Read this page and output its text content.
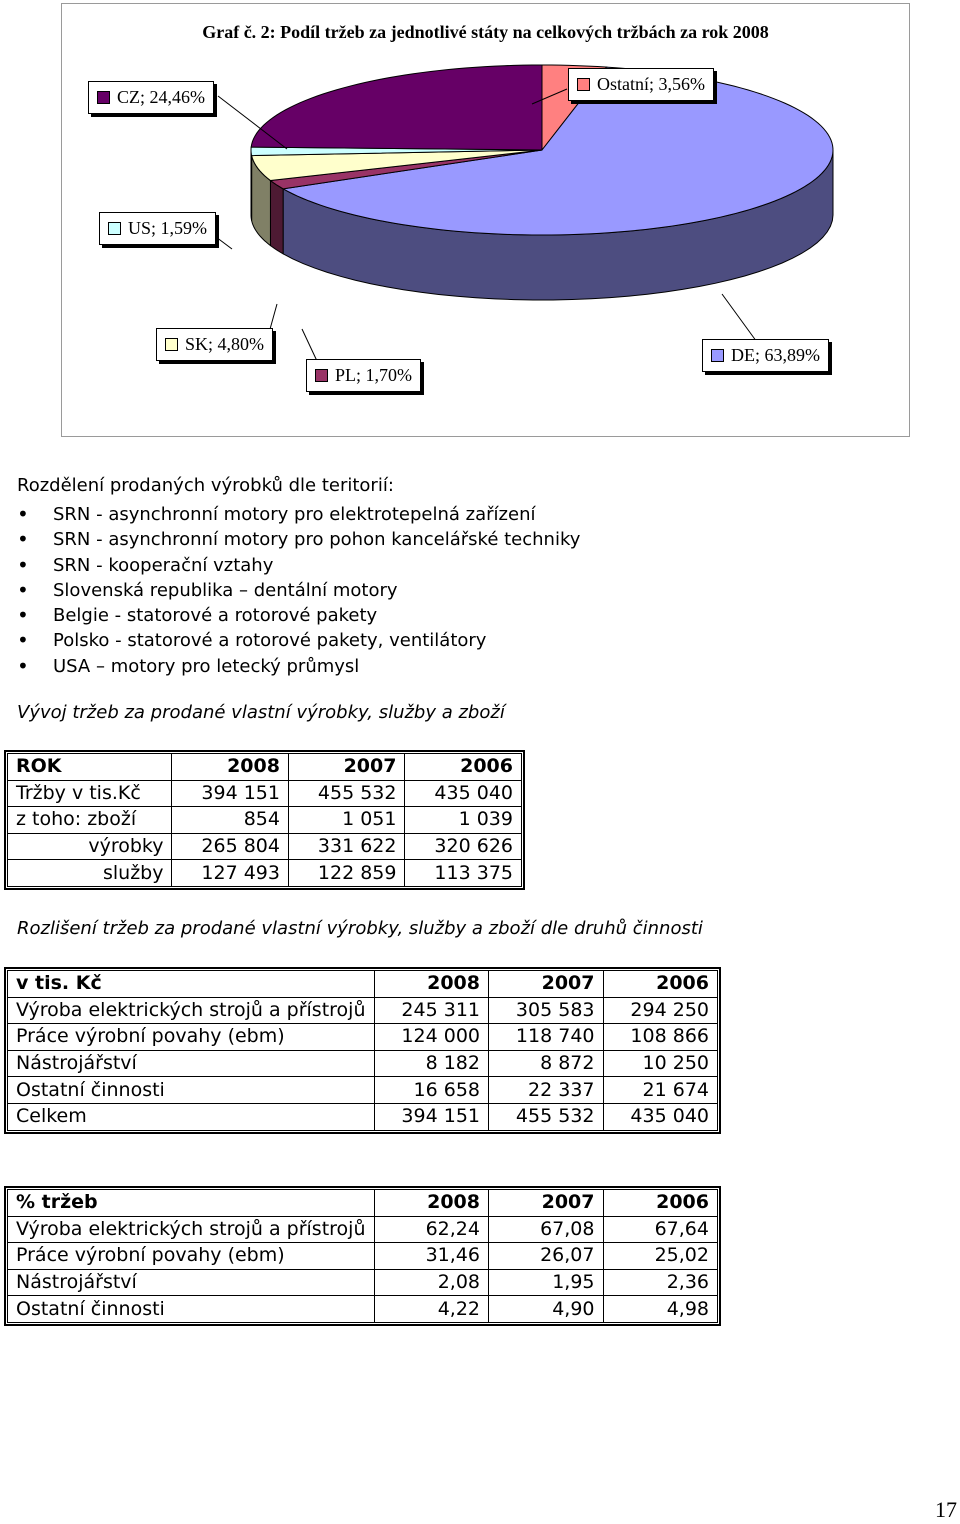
Graf č. 2: Podíl tržeb za jednotlivé státy na celkových tržbách za rok 2008
CZ; 24,46%
Ostatní; 3,56%
US; 1,59%
SK; 4,80%
PL; 1,70%
DE; 63,89%
Rozdělení prodaných výrobků dle teritorií:
• SRN - asynchronní motory pro elektrotepelná zařízení
• SRN - asynchronní motory pro pohon kancelářské techniky
• SRN - kooperační vztahy
• Slovenská republika – dentální motory
• Belgie - statorové a rotorové pakety
• Polsko - statorové a rotorové pakety, ventilátory
• USA – motory pro letecký průmysl
Vývoj tržeb za prodané vlastní výrobky, služby a zboží
ROK	2008	2007	2006
Tržby v tis.Kč	394 151	455 532	435 040
z toho: zboží	854	1 051	1 039
výrobky	265 804	331 622	320 626
služby	127 493	122 859	113 375
Rozlišení tržeb za prodané vlastní výrobky, služby a zboží dle druhů činnosti
v tis. Kč	2008	2007	2006
Výroba elektrických strojů a přístrojů	245 311	305 583	294 250
Práce výrobní povahy (ebm)	124 000	118 740	108 866
Nástrojářství	8 182	8 872	10 250
Ostatní činnosti	16 658	22 337	21 674
Celkem	394 151	455 532	435 040
% tržeb	2008	2007	2006
Výroba elektrických strojů a přístrojů	62,24	67,08	67,64
Práce výrobní povahy (ebm)	31,46	26,07	25,02
Nástrojářství	2,08	1,95	2,36
Ostatní činnosti	4,22	4,90	4,98
17
